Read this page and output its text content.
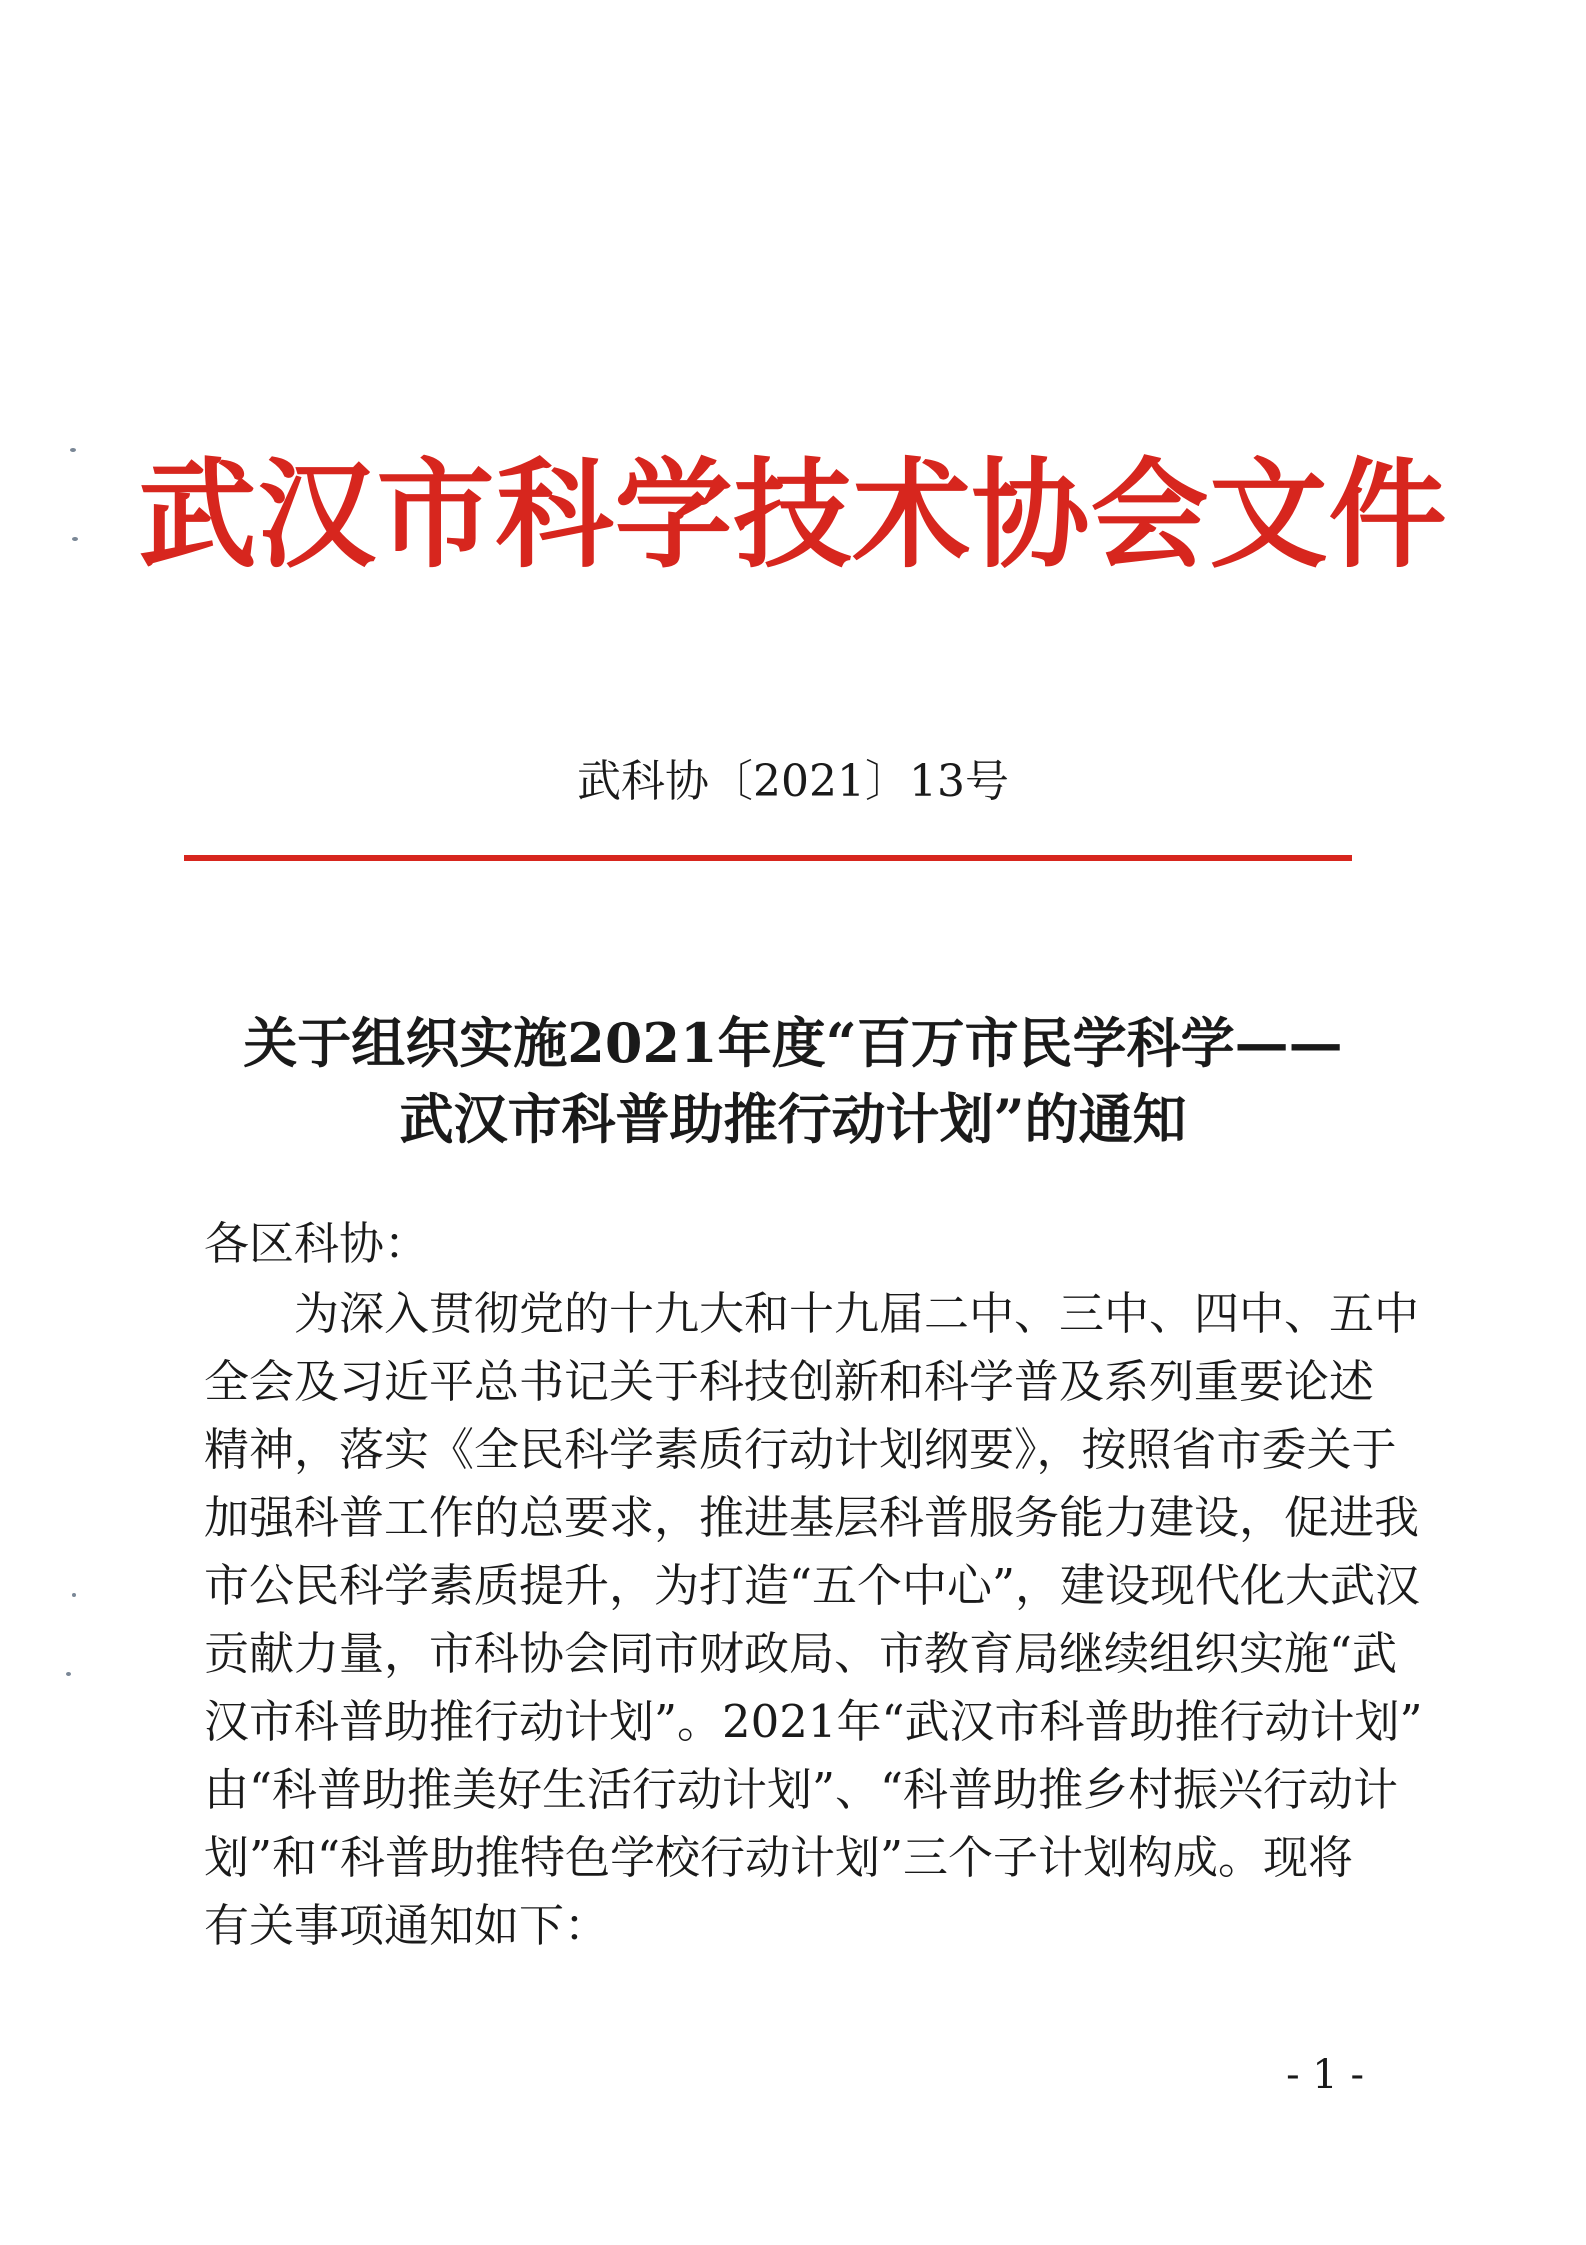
武汉市科学技术协会文件
武科协〔2021〕13号
关于组织实施2021年度“百万市民学科学——
武汉市科普助推行动计划”的通知
各区科协：
为深入贯彻党的十九大和十九届二中、三中、四中、五中
全会及习近平总书记关于科技创新和科学普及系列重要论述
精神，落实《全民科学素质行动计划纲要》，按照省市委关于
加强科普工作的总要求，推进基层科普服务能力建设，促进我
市公民科学素质提升，为打造“五个中心”，建设现代化大武汉
贡献力量，市科协会同市财政局、市教育局继续组织实施“武
汉市科普助推行动计划”。2021年“武汉市科普助推行动计划”
由“科普助推美好生活行动计划”、“科普助推乡村振兴行动计
划”和“科普助推特色学校行动计划”三个子计划构成。现将
有关事项通知如下：
- 1 -
